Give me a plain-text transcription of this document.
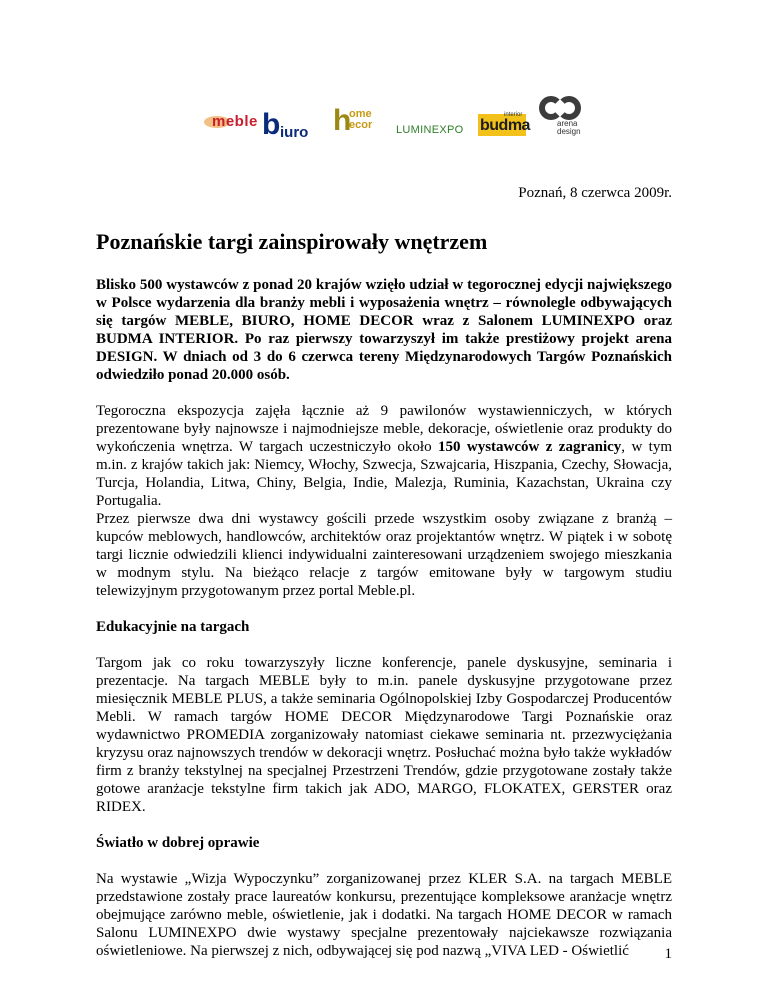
meble b iuro h
ome
ecor LUMINEXPO
interior
budma	arena
design
Poznań, 8 czerwca 2009r.
Poznańskie targi zainspirowały wnętrzem

Blisko 500 wystawców z ponad 20 krajów wzięło udział w tegorocznej edycji największego w Polsce wydarzenia dla branży mebli i wyposażenia wnętrz – równolegle odbywających się targów MEBLE, BIURO, HOME DECOR wraz z Salonem LUMINEXPO oraz BUDMA INTERIOR. Po raz pierwszy towarzyszył im także prestiżowy projekt arena DESIGN. W dniach od 3 do 6 czerwca tereny Międzynarodowych Targów Poznańskich odwiedziło ponad 20.000 osób.

Tegoroczna ekspozycja zajęła łącznie aż 9 pawilonów wystawienniczych, w których prezentowane były najnowsze i najmodniejsze meble, dekoracje, oświetlenie oraz produkty do wykończenia wnętrza. W targach uczestniczyło około 150 wystawców z zagranicy, w tym m.in. z krajów takich jak: Niemcy, Włochy, Szwecja, Szwajcaria, Hiszpania, Czechy, Słowacja, Turcja, Holandia, Litwa, Chiny, Belgia, Indie, Malezja, Ruminia, Kazachstan, Ukraina czy Portugalia.

Przez pierwsze dwa dni wystawcy gościli przede wszystkim osoby związane z branżą – kupców meblowych, handlowców, architektów oraz projektantów wnętrz. W piątek i w sobotę targi licznie odwiedzili klienci indywidualni zainteresowani urządzeniem swojego mieszkania w modnym stylu. Na bieżąco relacje z targów emitowane były w targowym studiu telewizyjnym przygotowanym przez portal Meble.pl.

Edukacyjnie na targach

Targom jak co roku towarzyszyły liczne konferencje, panele dyskusyjne, seminaria i prezentacje. Na targach MEBLE były to m.in. panele dyskusyjne przygotowane przez miesięcznik MEBLE PLUS, a także seminaria Ogólnopolskiej Izby Gospodarczej Producentów Mebli. W ramach targów HOME DECOR Międzynarodowe Targi Poznańskie oraz wydawnictwo PROMEDIA zorganizowały natomiast ciekawe seminaria nt. przezwyciężania kryzysu oraz najnowszych trendów w dekoracji wnętrz. Posłuchać można było także wykładów firm z branży tekstylnej na specjalnej Przestrzeni Trendów, gdzie przygotowane zostały także gotowe aranżacje tekstylne firm takich jak ADO, MARGO, FLOKATEX, GERSTER oraz RIDEX.

Światło w dobrej oprawie

Na wystawie „Wizja Wypoczynku” zorganizowanej przez KLER S.A. na targach MEBLE przedstawione zostały prace laureatów konkursu, prezentujące kompleksowe aranżacje wnętrz obejmujące zarówno meble, oświetlenie, jak i dodatki. Na targach HOME DECOR w ramach Salonu LUMINEXPO dwie wystawy specjalne prezentowały najciekawsze rozwiązania oświetleniowe. Na pierwszej z nich, odbywającej się pod nazwą „VIVA LED - Oświetlić	1
